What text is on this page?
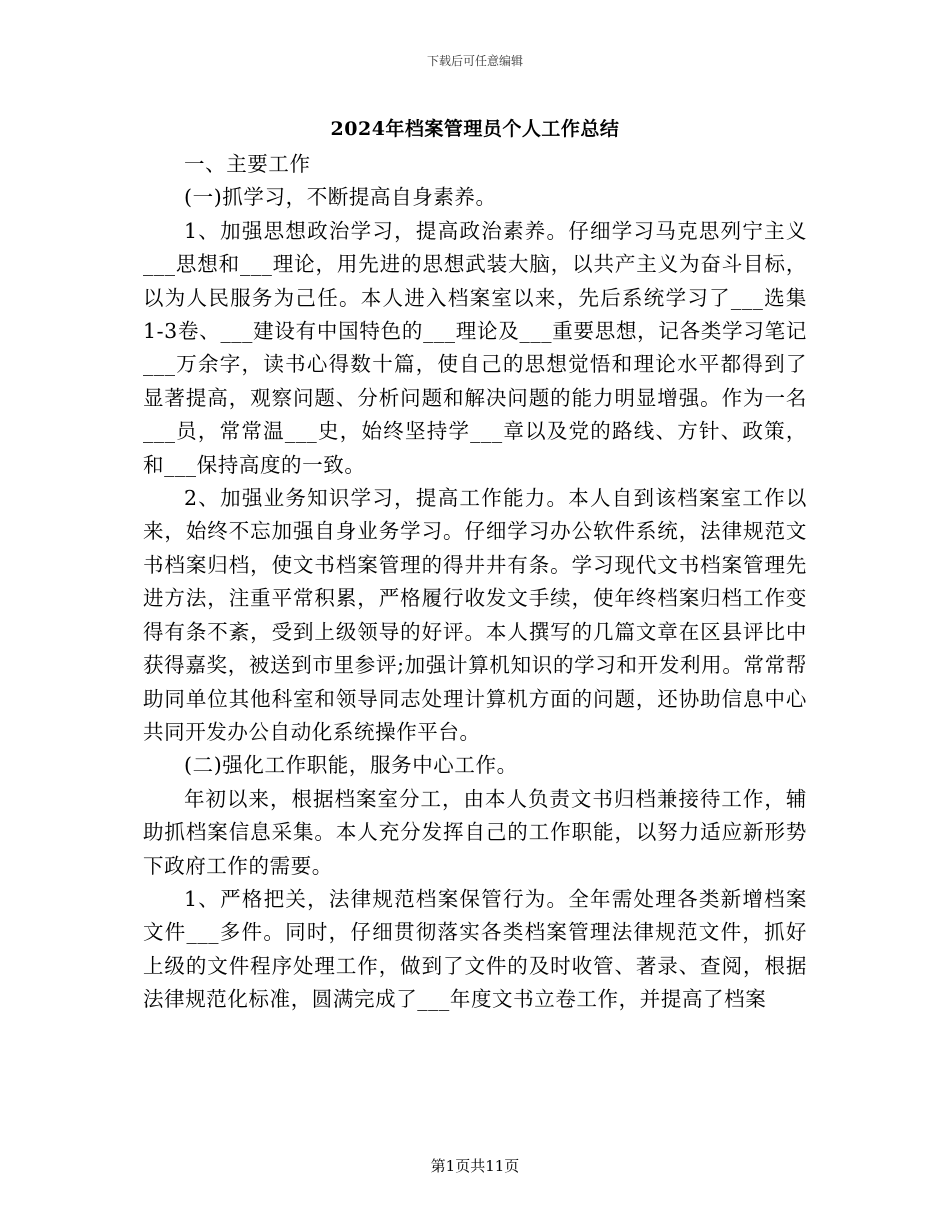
下载后可任意编辑
2024年档案管理员个人工作总结

一、主要工作

(一)抓学习，不断提高自身素养。

1、加强思想政治学习，提高政治素养。仔细学习马克思列宁主义___思想和___理论，用先进的思想武装大脑，以共产主义为奋斗目标，以为人民服务为己任。本人进入档案室以来，先后系统学习了___选集1-3卷、___建设有中国特色的___理论及___重要思想，记各类学习笔记___万余字，读书心得数十篇，使自己的思想觉悟和理论水平都得到了显著提高，观察问题、分析问题和解决问题的能力明显增强。作为一名___员，常常温___史，始终坚持学___章以及党的路线、方针、政策，和___保持高度的一致。

2、加强业务知识学习，提高工作能力。本人自到该档案室工作以来，始终不忘加强自身业务学习。仔细学习办公软件系统，法律规范文书档案归档，使文书档案管理的得井井有条。学习现代文书档案管理先进方法，注重平常积累，严格履行收发文手续，使年终档案归档工作变得有条不紊，受到上级领导的好评。本人撰写的几篇文章在区县评比中获得嘉奖，被送到市里参评;加强计算机知识的学习和开发利用。常常帮助同单位其他科室和领导同志处理计算机方面的问题，还协助信息中心共同开发办公自动化系统操作平台。

(二)强化工作职能，服务中心工作。

年初以来，根据档案室分工，由本人负责文书归档兼接待工作，辅助抓档案信息采集。本人充分发挥自己的工作职能，以努力适应新形势下政府工作的需要。

1、严格把关，法律规范档案保管行为。全年需处理各类新增档案文件___多件。同时，仔细贯彻落实各类档案管理法律规范文件，抓好上级的文件程序处理工作，做到了文件的及时收管、著录、查阅，根据法律规范化标准，圆满完成了___年度文书立卷工作，并提高了档案

第1页共11页
